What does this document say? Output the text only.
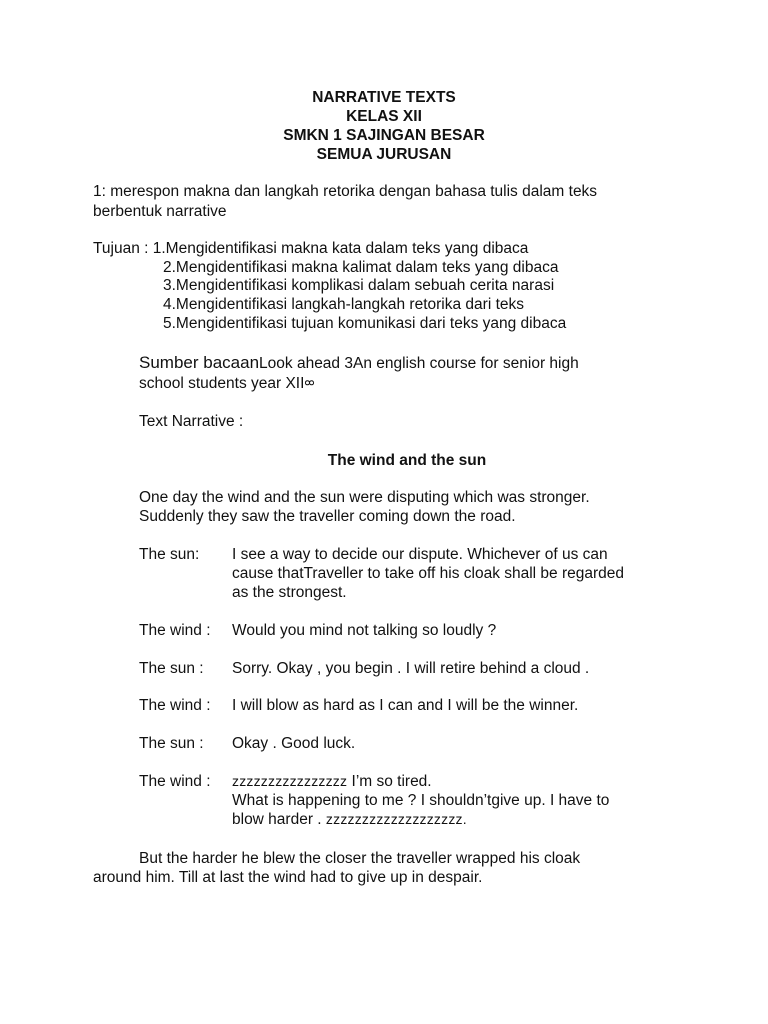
NARRATIVE TEXTS
KELAS XII
SMKN 1 SAJINGAN BESAR
SEMUA JURUSAN
1: merespon makna dan langkah retorika dengan bahasa tulis dalam teks
berbentuk narrative
Tujuan : 1.Mengidentifikasi makna kata dalam teks yang dibaca
2.Mengidentifikasi makna kalimat dalam teks yang dibaca
3.Mengidentifikasi komplikasi dalam sebuah cerita narasi
4.Mengidentifikasi langkah-langkah retorika dari teks
5.Mengidentifikasi tujuan komunikasi dari teks yang dibaca
Sumber bacaanLook ahead 3An english course for senior high
school students year XIIᢁ
Text Narrative :
The wind and the sun
One day the wind and the sun were disputing which was stronger.
Suddenly they saw the traveller coming down the road.
The sun: I see a way to decide our dispute. Whichever of us can
cause thatTraveller to take off his cloak shall be regarded
as the strongest.
The wind : Would you mind not talking so loudly ?
The sun : Sorry. Okay , you begin . I will retire behind a cloud .
The wind : I will blow as hard as I can and I will be the winner.
The sun : Okay . Good luck.
The wind : zzzzzzzzzzzzzzzz I’m so tired.
What is happening to me ? I shouldn’tgive up. I have to
blow harder . zzzzzzzzzzzzzzzzzzz.
But the harder he blew the closer the traveller wrapped his cloak
around him. Till at last the wind had to give up in despair.
